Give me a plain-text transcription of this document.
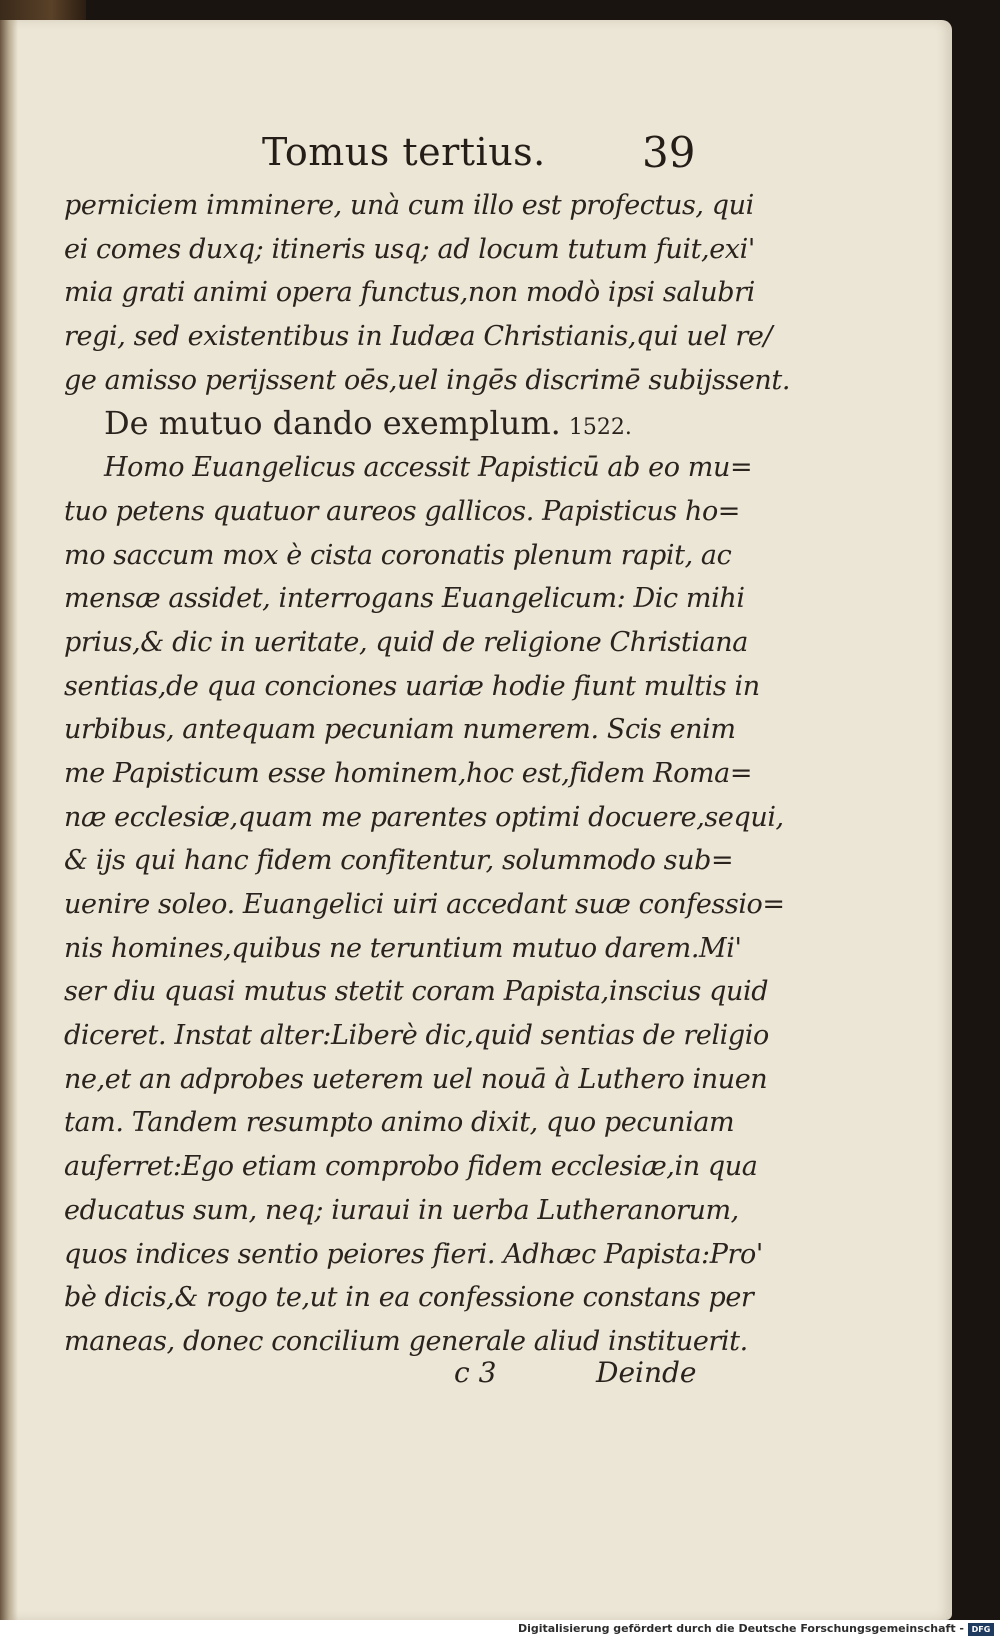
Tomus tertius. 39
perniciem imminere, unà cum illo est profectus, qui
ei comes duxq; itineris usq; ad locum tutum fuit,exi'
mia grati animi opera functus,non modò ipsi salubri
regi, sed existentibus in Iudæa Christianis,qui uel re/
ge amisso perijssent oēs,uel ingēs discrimē subijssent.
De mutuo dando exemplum. 1522.
Homo Euangelicus accessit Papisticū ab eo mu=
tuo petens quatuor aureos gallicos. Papisticus ho=
mo saccum mox è cista coronatis plenum rapit, ac
mensæ assidet, interrogans Euangelicum: Dic mihi
prius,& dic in ueritate, quid de religione Christiana
sentias,de qua conciones uariæ hodie fiunt multis in
urbibus, antequam pecuniam numerem. Scis enim
me Papisticum esse hominem,hoc est,fidem Roma=
næ ecclesiæ,quam me parentes optimi docuere,sequi,
& ijs qui hanc fidem confitentur, solummodo sub=
uenire soleo. Euangelici uiri accedant suæ confessio=
nis homines,quibus ne teruntium mutuo darem.Mi'
ser diu quasi mutus stetit coram Papista,inscius quid
diceret. Instat alter:Liberè dic,quid sentias de religio
ne,et an adprobes ueterem uel nouā à Luthero inuen
tam. Tandem resumpto animo dixit, quo pecuniam
auferret:Ego etiam comprobo fidem ecclesiæ,in qua
educatus sum, neq; iuraui in uerba Lutheranorum,
quos indices sentio peiores fieri. Adhæc Papista:Pro'
bè dicis,& rogo te,ut in ea confessione constans per
maneas, donec concilium generale aliud instituerit.
c 3	Deinde
Digitalisierung gefördert durch die Deutsche Forschungsgemeinschaft - DFG
